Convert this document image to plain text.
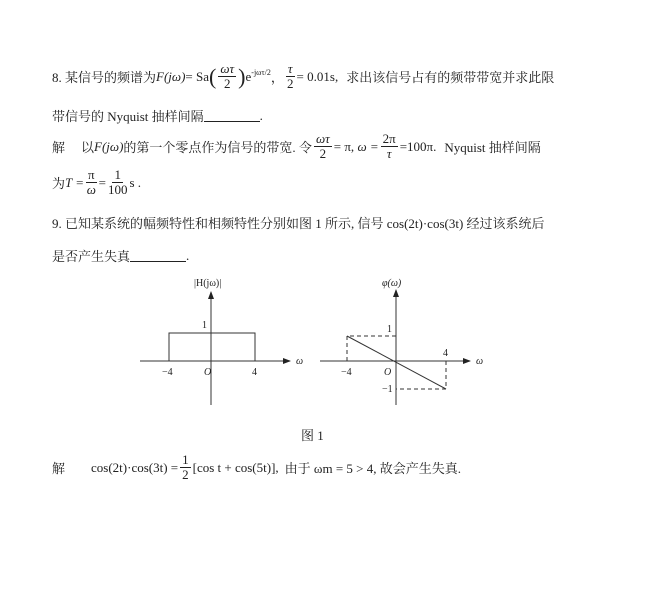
8. 某信号的频谱为 F(jω) = Sa ( ωτ
2 ) $e^{-j\omega\tau/2}$ ， $\frac{\tau}{2} = 0.01s$, 求出该信号占有的频带带宽并求此限
带信号的 Nyquist 抽样间隔	.
解 以 F(jω) 的第一个零点作为信号的带宽. 令 $\frac{\omega\tau}{2} = \pi$,
$\omega = \frac{2\pi}{\tau} =100\pi$. Nyquist 抽样间隔
为 $T = \frac{\pi}{\omega} = \frac{1}{100}$ s .
9. 已知某系统的幅频特性和相频特性分别如图 1 所示, 信号 cos(2t)·cos(3t) 经过该系统后
是否产生失真	.
|H(jω)|
ω
−4	O	4
1
φ(ω)
ω
−4	O
4
1
−1
图 1
解 $\cos(2t)\cdot\cos(3t) = \frac{1}{2} [\cos$ t + cos(5t)], 由于 ωm = 5 > 4, 故会产生失真.
